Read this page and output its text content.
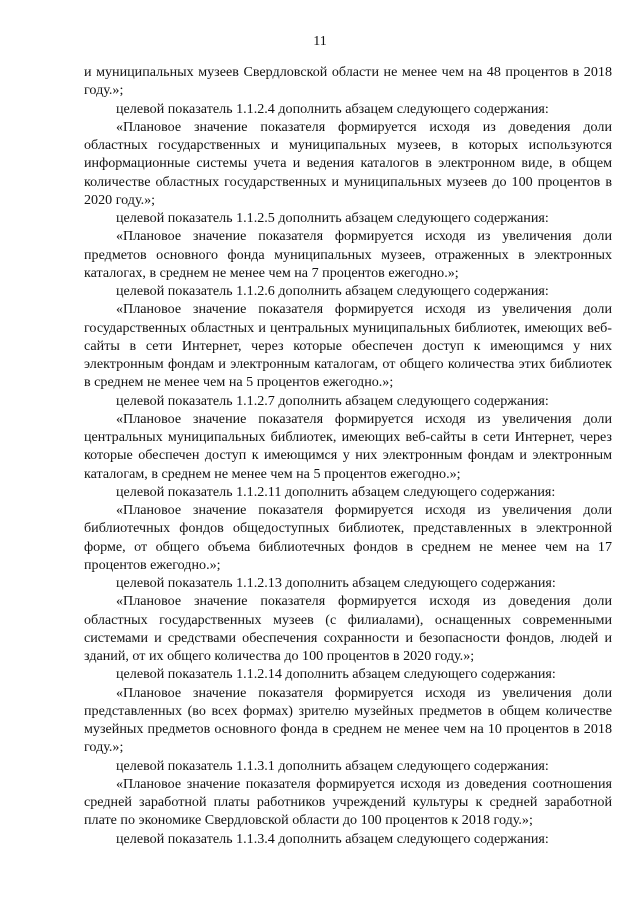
11

и муниципальных музеев Свердловской области не менее чем на 48 процентов в 2018 году.»;

целевой показатель 1.1.2.4 дополнить абзацем следующего содержания:

«Плановое значение показателя формируется исходя из доведения доли областных государственных и муниципальных музеев, в которых используются информационные системы учета и ведения каталогов в электронном виде, в общем количестве областных государственных и муниципальных музеев до 100 процентов в 2020 году.»;

целевой показатель 1.1.2.5 дополнить абзацем следующего содержания:

«Плановое значение показателя формируется исходя из увеличения доли предметов основного фонда муниципальных музеев, отраженных в электронных каталогах, в среднем не менее чем на 7 процентов ежегодно.»;

целевой показатель 1.1.2.6 дополнить абзацем следующего содержания:

«Плановое значение показателя формируется исходя из увеличения доли государственных областных и центральных муниципальных библиотек, имеющих веб-сайты в сети Интернет, через которые обеспечен доступ к имеющимся у них электронным фондам и электронным каталогам, от общего количества этих библиотек в среднем не менее чем на 5 процентов ежегодно.»;

целевой показатель 1.1.2.7 дополнить абзацем следующего содержания:

«Плановое значение показателя формируется исходя из увеличения доли центральных муниципальных библиотек, имеющих веб-сайты в сети Интернет, через которые обеспечен доступ к имеющимся у них электронным фондам и электронным каталогам, в среднем не менее чем на 5 процентов ежегодно.»;

целевой показатель 1.1.2.11 дополнить абзацем следующего содержания:

«Плановое значение показателя формируется исходя из увеличения доли библиотечных фондов общедоступных библиотек, представленных в электронной форме, от общего объема библиотечных фондов в среднем не менее чем на 17 процентов ежегодно.»;

целевой показатель 1.1.2.13 дополнить абзацем следующего содержания:

«Плановое значение показателя формируется исходя из доведения доли областных государственных музеев (с филиалами), оснащенных современными системами и средствами обеспечения сохранности и безопасности фондов, людей и зданий, от их общего количества до 100 процентов в 2020 году.»;

целевой показатель 1.1.2.14 дополнить абзацем следующего содержания:

«Плановое значение показателя формируется исходя из увеличения доли представленных (во всех формах) зрителю музейных предметов в общем количестве музейных предметов основного фонда в среднем не менее чем на 10 процентов в 2018 году.»;

целевой показатель 1.1.3.1 дополнить абзацем следующего содержания:

«Плановое значение показателя формируется исходя из доведения соотношения средней заработной платы работников учреждений культуры к средней заработной плате по экономике Свердловской области до 100 процентов к 2018 году.»;

целевой показатель 1.1.3.4 дополнить абзацем следующего содержания:
